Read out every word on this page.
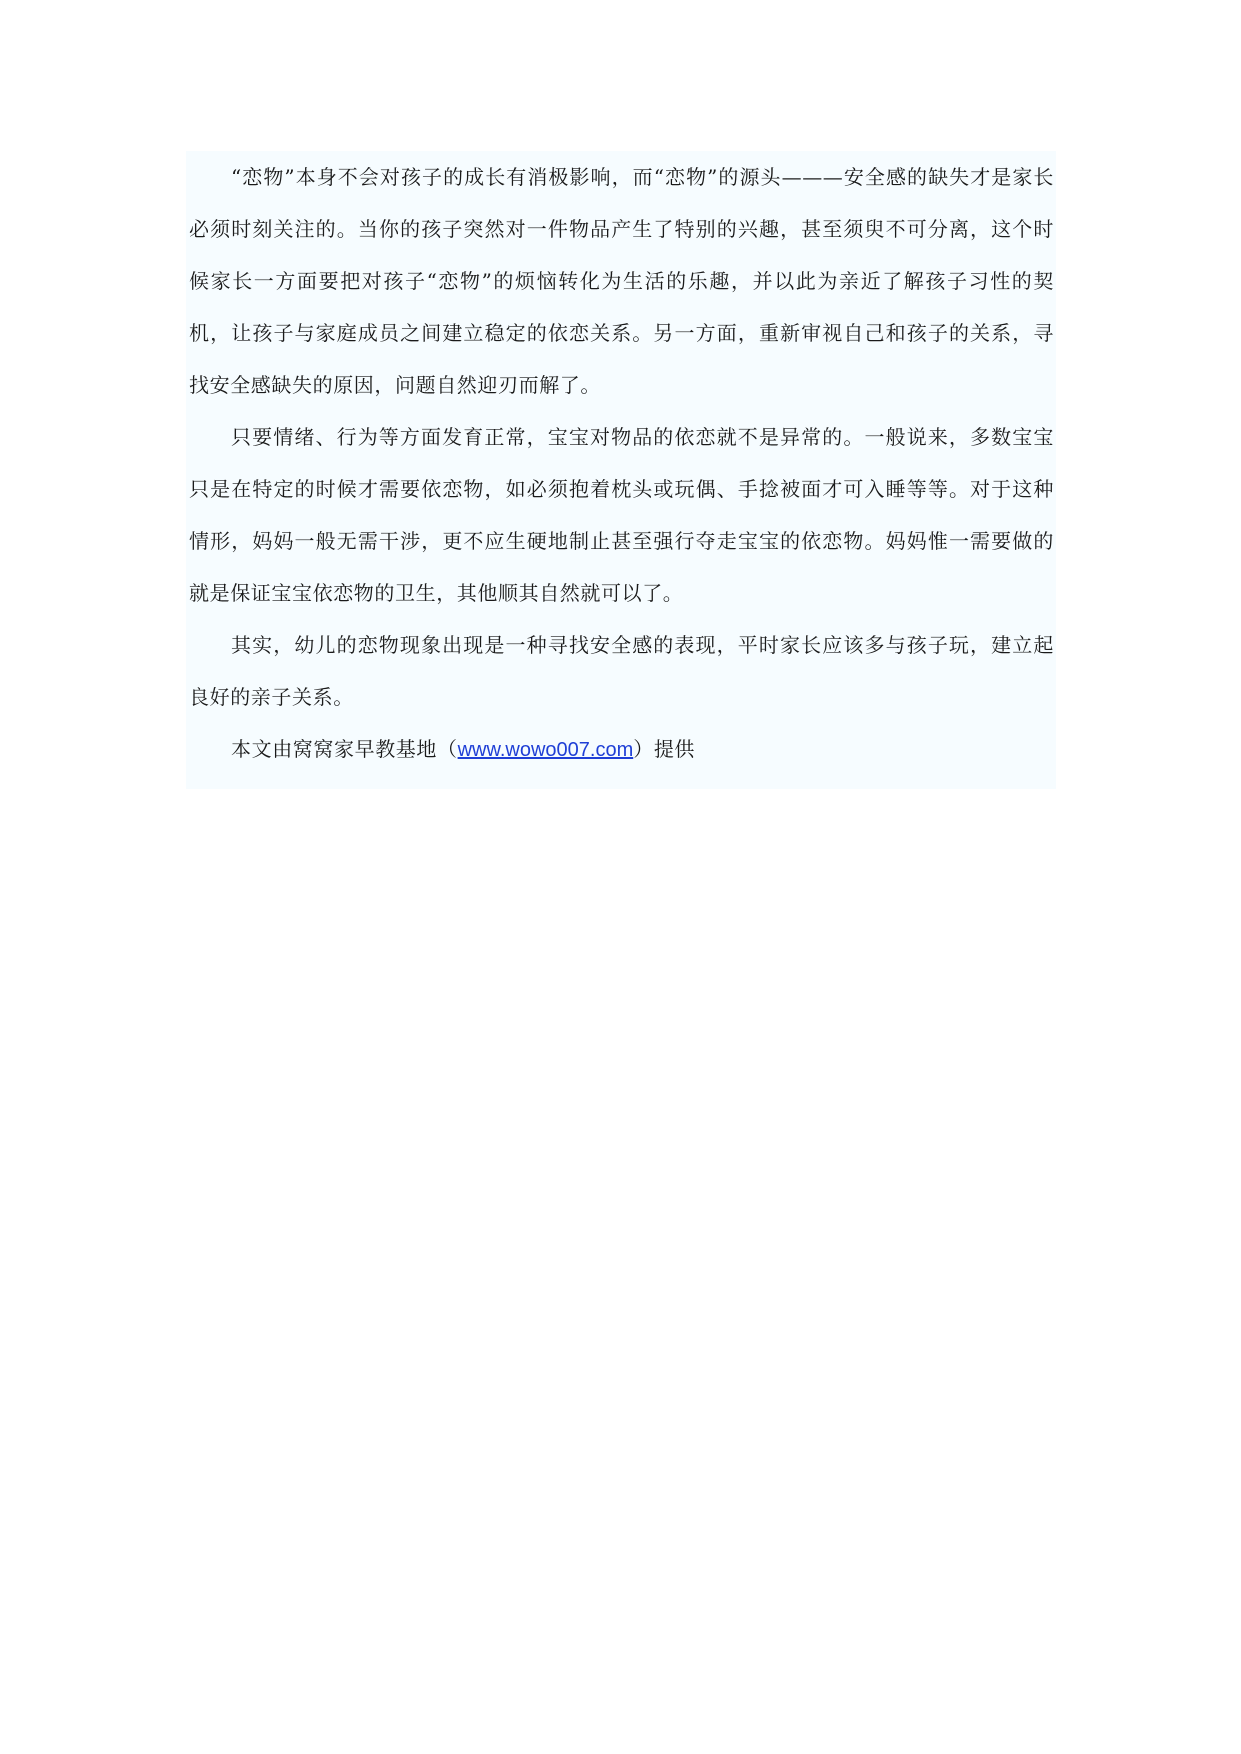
“恋物”本身不会对孩子的成长有消极影响，而“恋物”的源头———安全感的缺失才是家长必须时刻关注的。当你的孩子突然对一件物品产生了特别的兴趣，甚至须臾不可分离，这个时候家长一方面要把对孩子“恋物”的烦恼转化为生活的乐趣，并以此为亲近了解孩子习性的契机，让孩子与家庭成员之间建立稳定的依恋关系。另一方面，重新审视自己和孩子的关系，寻找安全感缺失的原因，问题自然迎刃而解了。

只要情绪、行为等方面发育正常，宝宝对物品的依恋就不是异常的。一般说来，多数宝宝只是在特定的时候才需要依恋物，如必须抱着枕头或玩偶、手捻被面才可入睡等等。对于这种情形，妈妈一般无需干涉，更不应生硬地制止甚至强行夺走宝宝的依恋物。妈妈惟一需要做的就是保证宝宝依恋物的卫生，其他顺其自然就可以了。

其实，幼儿的恋物现象出现是一种寻找安全感的表现，平时家长应该多与孩子玩，建立起良好的亲子关系。

本文由窝窝家早教基地（www.wowo007.com）提供
